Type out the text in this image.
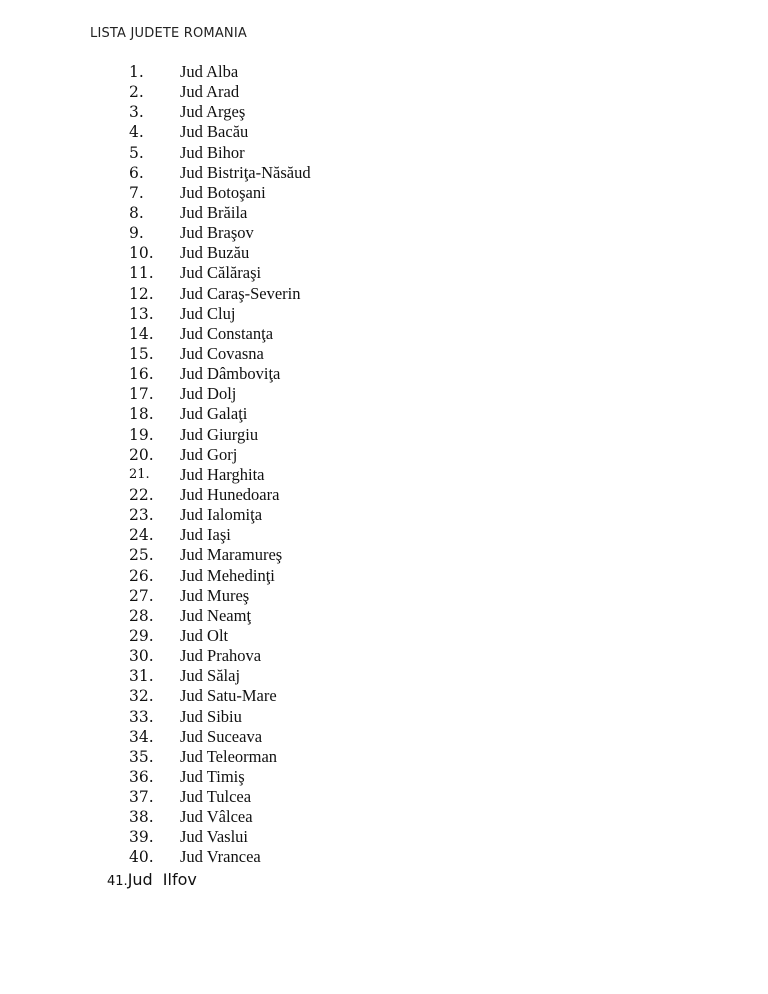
LISTA JUDETE ROMANIA
1. Jud Alba
2. Jud Arad
3. Jud Argeş
4. Jud Bacău
5. Jud Bihor
6. Jud Bistriţa-Năsăud
7. Jud Botoşani
8. Jud Brăila
9. Jud Braşov
10. Jud Buzău
11. Jud Călăraşi
12. Jud Caraş-Severin
13. Jud Cluj
14. Jud Constanţa
15. Jud Covasna
16. Jud Dâmboviţa
17. Jud Dolj
18. Jud Galaţi
19. Jud Giurgiu
20. Jud Gorj
21. Jud Harghita
22. Jud Hunedoara
23. Jud Ialomiţa
24. Jud Iaşi
25. Jud Maramureş
26. Jud Mehedinţi
27. Jud Mureş
28. Jud Neamţ
29. Jud Olt
30. Jud Prahova
31. Jud Sălaj
32. Jud Satu-Mare
33. Jud Sibiu
34. Jud Suceava
35. Jud Teleorman
36. Jud Timiş
37. Jud Tulcea
38. Jud Vâlcea
39. Jud Vaslui
40. Jud Vrancea
41.Jud Ilfov
